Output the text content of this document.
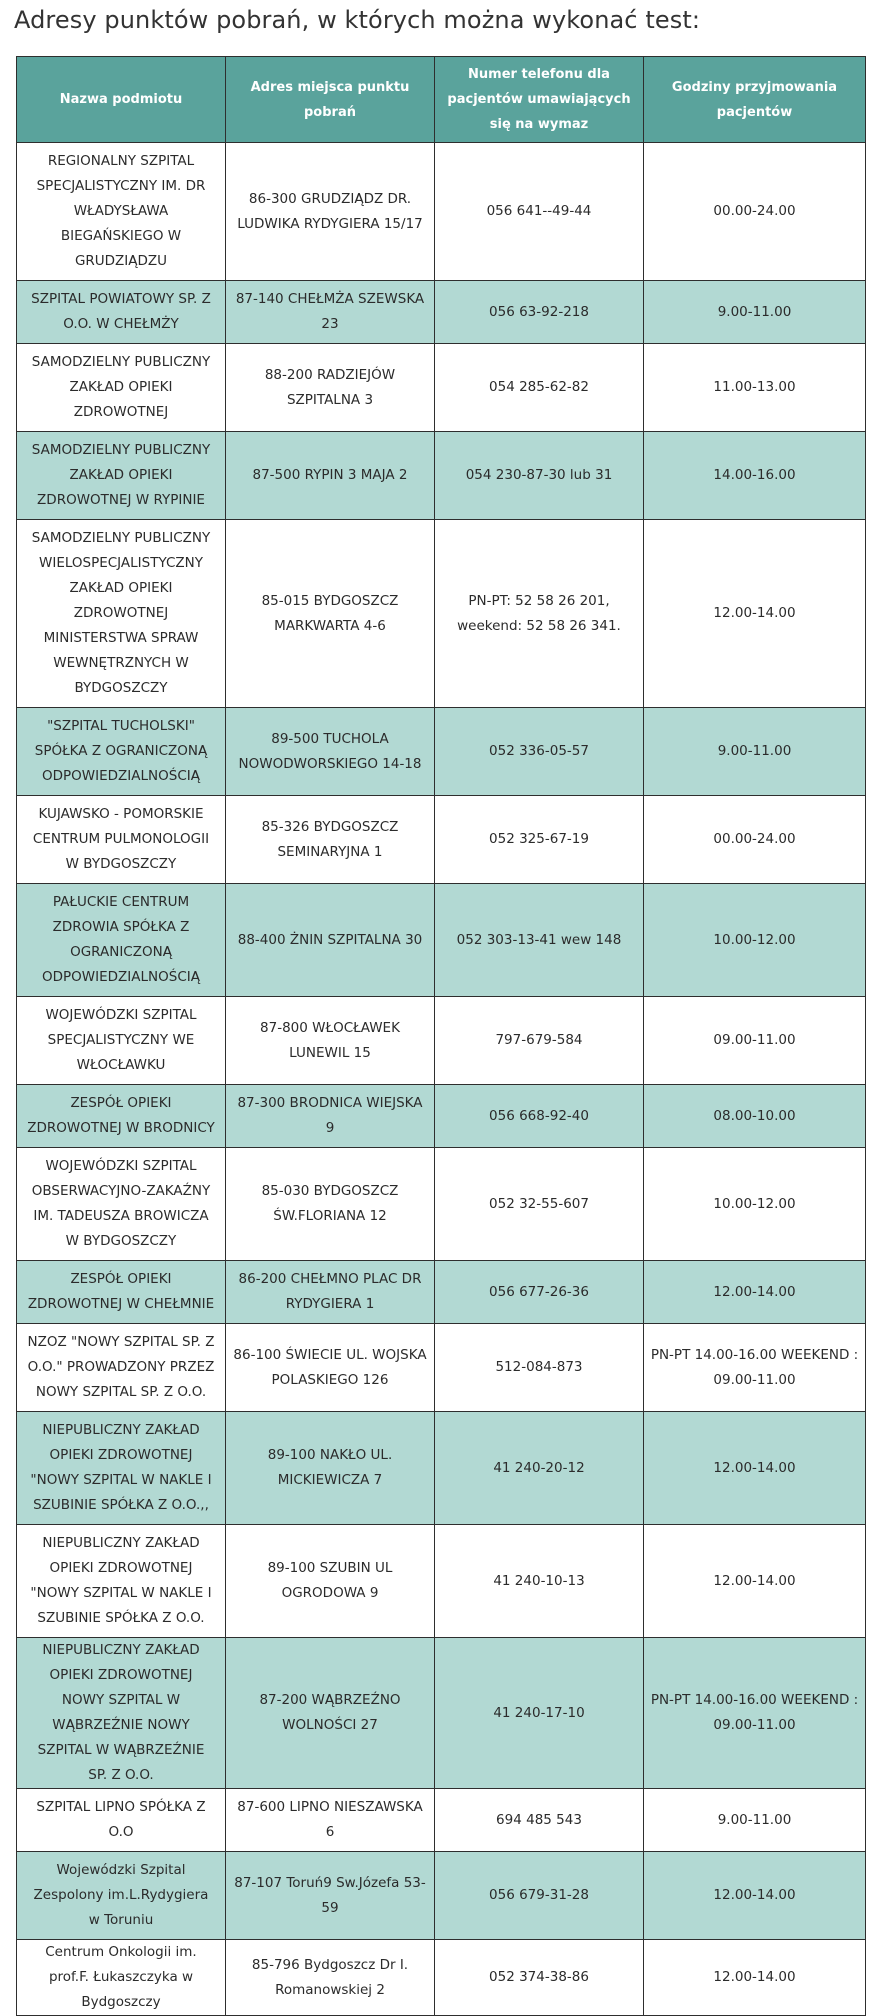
Adresy punktów pobrań, w których można wykonać test:
Nazwa podmiotu	Adres miejsca punktu pobrań	Numer telefonu dla pacjentów umawiających się na wymaz	Godziny przyjmowania pacjentów
REGIONALNY SZPITAL SPECJALISTYCZNY IM. DR WŁADYSŁAWA BIEGAŃSKIEGO W GRUDZIĄDZU	86-300 GRUDZIĄDZ DR. LUDWIKA RYDYGIERA 15/17	056 641--49-44	00.00-24.00
SZPITAL POWIATOWY SP. Z O.O. W CHEŁMŻY	87-140 CHEŁMŻA SZEWSKA 23	056 63-92-218	9.00-11.00
SAMODZIELNY PUBLICZNY ZAKŁAD OPIEKI ZDROWOTNEJ	88-200 RADZIEJÓW SZPITALNA 3	054 285-62-82	11.00-13.00
SAMODZIELNY PUBLICZNY ZAKŁAD OPIEKI ZDROWOTNEJ W RYPINIE	87-500 RYPIN 3 MAJA 2	054 230-87-30 lub 31	14.00-16.00
SAMODZIELNY PUBLICZNY WIELOSPECJALISTYCZNY ZAKŁAD OPIEKI ZDROWOTNEJ MINISTERSTWA SPRAW WEWNĘTRZNYCH W BYDGOSZCZY	85-015 BYDGOSZCZ MARKWARTA 4-6	PN-PT: 52 58 26 201, weekend: 52 58 26 341.	12.00-14.00
"SZPITAL TUCHOLSKI" SPÓŁKA Z OGRANICZONĄ ODPOWIEDZIALNOŚCIĄ	89-500 TUCHOLA NOWODWORSKIEGO 14-18	052 336-05-57	9.00-11.00
KUJAWSKO - POMORSKIE CENTRUM PULMONOLOGII W BYDGOSZCZY	85-326 BYDGOSZCZ SEMINARYJNA 1	052 325-67-19	00.00-24.00
PAŁUCKIE CENTRUM ZDROWIA SPÓŁKA Z OGRANICZONĄ ODPOWIEDZIALNOŚCIĄ	88-400 ŻNIN SZPITALNA 30	052 303-13-41 wew 148	10.00-12.00
WOJEWÓDZKI SZPITAL SPECJALISTYCZNY WE WŁOCŁAWKU	87-800 WŁOCŁAWEK LUNEWIL 15	797-679-584	09.00-11.00
ZESPÓŁ OPIEKI ZDROWOTNEJ W BRODNICY	87-300 BRODNICA WIEJSKA 9	056 668-92-40	08.00-10.00
WOJEWÓDZKI SZPITAL OBSERWACYJNO-ZAKAŹNY IM. TADEUSZA BROWICZA W BYDGOSZCZY	85-030 BYDGOSZCZ ŚW.FLORIANA 12	052 32-55-607	10.00-12.00
ZESPÓŁ OPIEKI ZDROWOTNEJ W CHEŁMNIE	86-200 CHEŁMNO PLAC DR RYDYGIERA 1	056 677-26-36	12.00-14.00
NZOZ "NOWY SZPITAL SP. Z O.O." PROWADZONY PRZEZ NOWY SZPITAL SP. Z O.O.	86-100 ŚWIECIE UL. WOJSKA POLASKIEGO 126	512-084-873	PN-PT 14.00-16.00 WEEKEND : 09.00-11.00
NIEPUBLICZNY ZAKŁAD OPIEKI ZDROWOTNEJ "NOWY SZPITAL W NAKLE I SZUBINIE SPÓŁKA Z O.O.,,	89-100 NAKŁO UL. MICKIEWICZA 7	41 240-20-12	12.00-14.00
NIEPUBLICZNY ZAKŁAD OPIEKI ZDROWOTNEJ "NOWY SZPITAL W NAKLE I SZUBINIE SPÓŁKA Z O.O.	89-100 SZUBIN UL OGRODOWA 9	41 240-10-13	12.00-14.00
NIEPUBLICZNY ZAKŁAD OPIEKI ZDROWOTNEJ NOWY SZPITAL W WĄBRZEŹNIE NOWY SZPITAL W WĄBRZEŹNIE SP. Z O.O.	87-200 WĄBRZEŹNO WOLNOŚCI 27	41 240-17-10	PN-PT 14.00-16.00 WEEKEND : 09.00-11.00
SZPITAL LIPNO SPÓŁKA Z O.O	87-600 LIPNO NIESZAWSKA 6	694 485 543	9.00-11.00
Wojewódzki Szpital Zespolony im.L.Rydygiera w Toruniu	87-107 Toruń9 Sw.Józefa 53-59	056 679-31-28	12.00-14.00
Centrum Onkologii im. prof.F. Łukaszczyka w Bydgoszczy	85-796 Bydgoszcz Dr I. Romanowskiej 2	052 374-38-86	12.00-14.00
